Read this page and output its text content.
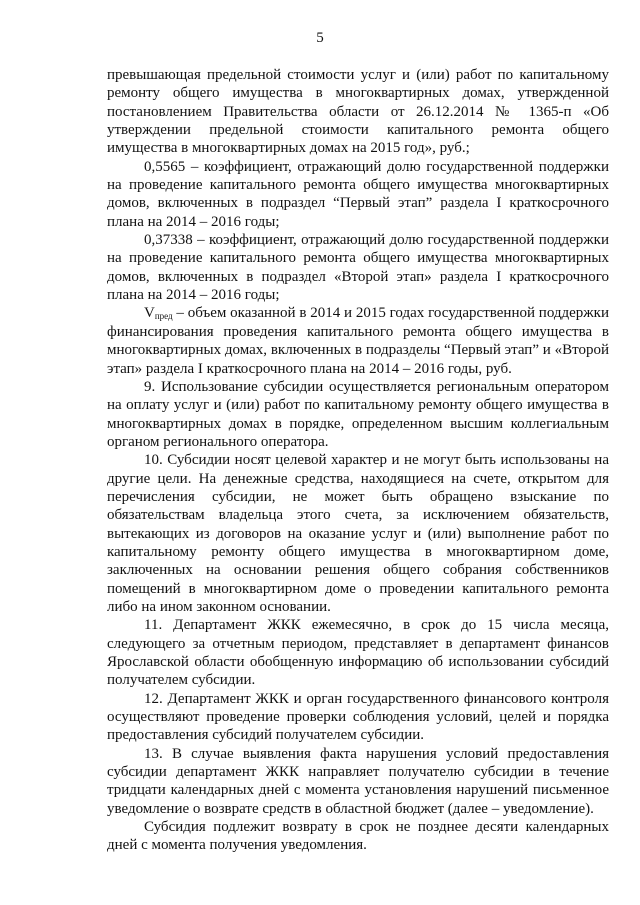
5

превышающая предельной стоимости услуг и (или) работ по капитальному ремонту общего имущества в многоквартирных домах, утвержденной постановлением Правительства области от 26.12.2014 № 1365-п «Об утверждении предельной стоимости капитального ремонта общего имущества в многоквартирных домах на 2015 год», руб.;

0,5565 – коэффициент, отражающий долю государственной поддержки на проведение капитального ремонта общего имущества многоквартирных домов, включенных в подраздел “Первый этап” раздела I краткосрочного плана на 2014 – 2016 годы;

0,37338 – коэффициент, отражающий долю государственной поддержки на проведение капитального ремонта общего имущества многоквартирных домов, включенных в подраздел «Второй этап» раздела I краткосрочного плана на 2014 – 2016 годы;

$V_{пред}$ – объем оказанной в 2014 и 2015 годах государственной поддержки финансирования проведения капитального ремонта общего имущества в многоквартирных домах, включенных в подразделы “Первый этап” и «Второй этап» раздела I краткосрочного плана на 2014 – 2016 годы, руб.

9. Использование субсидии осуществляется региональным оператором на оплату услуг и (или) работ по капитальному ремонту общего имущества в многоквартирных домах в порядке, определенном высшим коллегиальным органом регионального оператора.

10. Субсидии носят целевой характер и не могут быть использованы на другие цели. На денежные средства, находящиеся на счете, открытом для перечисления субсидии, не может быть обращено взыскание по обязательствам владельца этого счета, за исключением обязательств, вытекающих из договоров на оказание услуг и (или) выполнение работ по капитальному ремонту общего имущества в многоквартирном доме, заключенных на основании решения общего собрания собственников помещений в многоквартирном доме о проведении капитального ремонта либо на ином законном основании.

11. Департамент ЖКК ежемесячно, в срок до 15 числа месяца, следующего за отчетным периодом, представляет в департамент финансов Ярославской области обобщенную информацию об использовании субсидий получателем субсидии.

12. Департамент ЖКК и орган государственного финансового контроля осуществляют проведение проверки соблюдения условий, целей и порядка предоставления субсидий получателем субсидии.

13. В случае выявления факта нарушения условий предоставления субсидии департамент ЖКК направляет получателю субсидии в течение тридцати календарных дней с момента установления нарушений письменное уведомление о возврате средств в областной бюджет (далее – уведомление).

Субсидия подлежит возврату в срок не позднее десяти календарных дней с момента получения уведомления.
